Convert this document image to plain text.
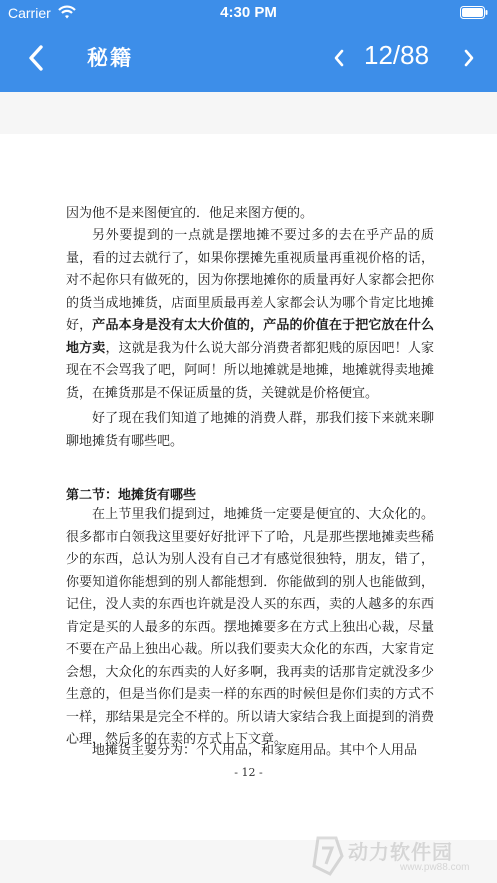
Carrier	4:30 PM
秘籍	12/88

因为他不是来图便宜的．他足来图方便的。

另外要提到的一点就是摆地摊不要过多的去在乎产品的质量，看的过去就行了，如果你摆摊先重视质量再重视价格的话，对不起你只有做死的，因为你摆地摊你的质量再好人家都会把你的货当成地摊货，店面里质最再差人家都会认为哪个肯定比地摊好，产品本身是没有太大价值的，产品的价值在于把它放在什么地方卖，这就是我为什么说大部分消费者都犯贱的原因吧！人家现在不会骂我了吧，阿呵！所以地摊就是地摊，地摊就得卖地摊货，在摊货那是不保证质量的货，关键就是价格便宜。

好了现在我们知道了地摊的消费人群，那我们接下来就来聊聊地摊货有哪些吧。

第二节：地摊货有哪些

在上节里我们提到过，地摊货一定要是便宜的、大众化的。很多都市白领我这里要好好批评下了哈，凡是那些摆地摊卖些稀少的东西，总认为别人没有自己才有感觉很独特，朋友，错了，你要知道你能想到的别人都能想到．你能做到的别人也能做到，记住，没人卖的东西也许就是没人买的东西，卖的人越多的东西肯定是买的人最多的东西。摆地摊要多在方式上独出心裁，尽量不要在产品上独出心裁。所以我们要卖大众化的东西，大家肯定会想，大众化的东西卖的人好多啊，我再卖的话那肯定就没多少生意的，但是当你们是卖一样的东西的时候但是你们卖的方式不一样，那结果是完全不样的。所以请大家结合我上面提到的消费心理，然后多的在卖的方式上下文章。

地摊货主要分为：个人用品，和家庭用品。其中个人用品

- 12 -

动力软件园
www.pw88.com
